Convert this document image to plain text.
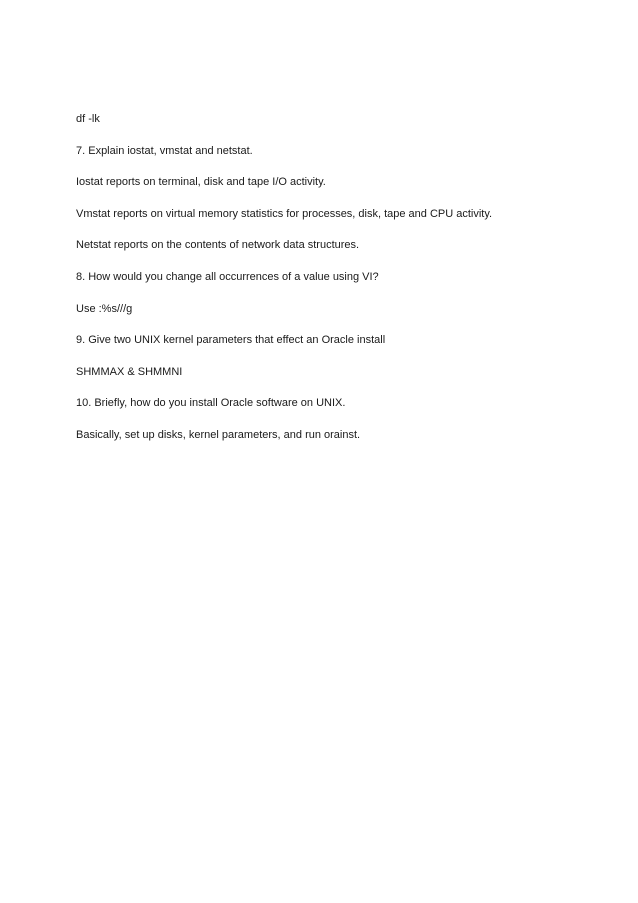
df -lk

7. Explain iostat, vmstat and netstat.

Iostat reports on terminal, disk and tape I/O activity.

Vmstat reports on virtual memory statistics for processes, disk, tape and CPU activity.

Netstat reports on the contents of network data structures.

8. How would you change all occurrences of a value using VI?

Use :%s///g

9. Give two UNIX kernel parameters that effect an Oracle install

SHMMAX & SHMMNI

10. Briefly, how do you install Oracle software on UNIX.

Basically, set up disks, kernel parameters, and run orainst.
